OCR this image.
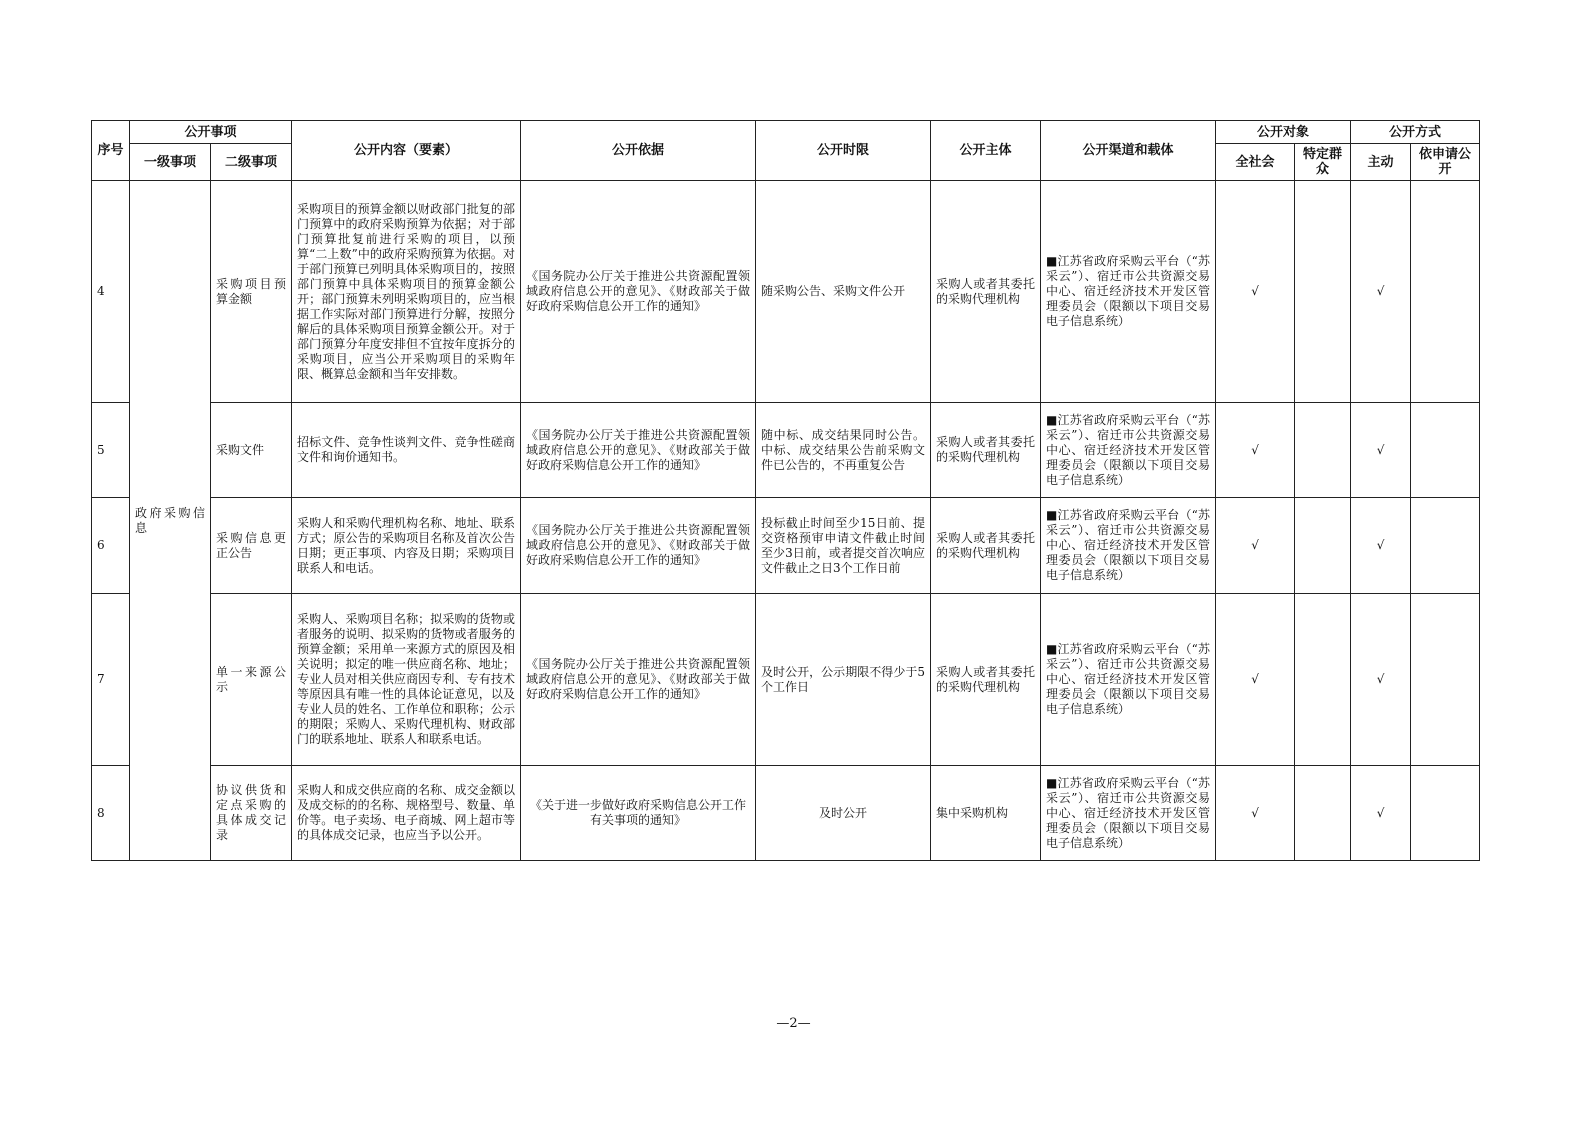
序号	公开事项		公开内容（要素）	公开依据	公开时限	公开主体	公开渠道和载体	公开对象		公开方式	
	一级事项	二级事项						全社会	特定群众	主动	依申请公开
4	政府采购信息	采购项目预算金额	采购项目的预算金额以财政部门批复的部门预算中的政府采购预算为依据；对于部门预算批复前进行采购的项目，以预算“二上数”中的政府采购预算为依据。对于部门预算已列明具体采购项目的，按照部门预算中具体采购项目的预算金额公开；部门预算未列明采购项目的，应当根据工作实际对部门预算进行分解，按照分解后的具体采购项目预算金额公开。对于部门预算分年度安排但不宜按年度拆分的采购项目，应当公开采购项目的采购年限、概算总金额和当年安排数。	《国务院办公厅关于推进公共资源配置领域政府信息公开的意见》、《财政部关于做好政府采购信息公开工作的通知》	随采购公告、采购文件公开	采购人或者其委托的采购代理机构	■江苏省政府采购云平台（“苏采云”）、宿迁市公共资源交易中心、宿迁经济技术开发区管理委员会（限额以下项目交易电子信息系统）	√		√	
5		采购文件	招标文件、竞争性谈判文件、竞争性磋商文件和询价通知书。	《国务院办公厅关于推进公共资源配置领域政府信息公开的意见》、《财政部关于做好政府采购信息公开工作的通知》	随中标、成交结果同时公告。中标、成交结果公告前采购文件已公告的，不再重复公告	采购人或者其委托的采购代理机构	■江苏省政府采购云平台（“苏采云”）、宿迁市公共资源交易中心、宿迁经济技术开发区管理委员会（限额以下项目交易电子信息系统）	√		√	
6		采购信息更正公告	采购人和采购代理机构名称、地址、联系方式；原公告的采购项目名称及首次公告日期；更正事项、内容及日期；采购项目联系人和电话。	《国务院办公厅关于推进公共资源配置领域政府信息公开的意见》、《财政部关于做好政府采购信息公开工作的通知》	投标截止时间至少15日前、提交资格预审申请文件截止时间至少3日前，或者提交首次响应文件截止之日3个工作日前	采购人或者其委托的采购代理机构	■江苏省政府采购云平台（“苏采云”）、宿迁市公共资源交易中心、宿迁经济技术开发区管理委员会（限额以下项目交易电子信息系统）	√		√	
7		单一来源公示	采购人、采购项目名称；拟采购的货物或者服务的说明、拟采购的货物或者服务的预算金额；采用单一来源方式的原因及相关说明；拟定的唯一供应商名称、地址；专业人员对相关供应商因专利、专有技术等原因具有唯一性的具体论证意见，以及专业人员的姓名、工作单位和职称；公示的期限；采购人、采购代理机构、财政部门的联系地址、联系人和联系电话。	《国务院办公厅关于推进公共资源配置领域政府信息公开的意见》、《财政部关于做好政府采购信息公开工作的通知》	及时公开，公示期限不得少于5个工作日	采购人或者其委托的采购代理机构	■江苏省政府采购云平台（“苏采云”）、宿迁市公共资源交易中心、宿迁经济技术开发区管理委员会（限额以下项目交易电子信息系统）	√		√	
8		协议供货和定点采购的具体成交记录	采购人和成交供应商的名称、成交金额以及成交标的的名称、规格型号、数量、单价等。电子卖场、电子商城、网上超市等的具体成交记录，也应当予以公开。	《关于进一步做好政府采购信息公开工作有关事项的通知》	及时公开	集中采购机构	■江苏省政府采购云平台（“苏采云”）、宿迁市公共资源交易中心、宿迁经济技术开发区管理委员会（限额以下项目交易电子信息系统）	√		√	
—2—
